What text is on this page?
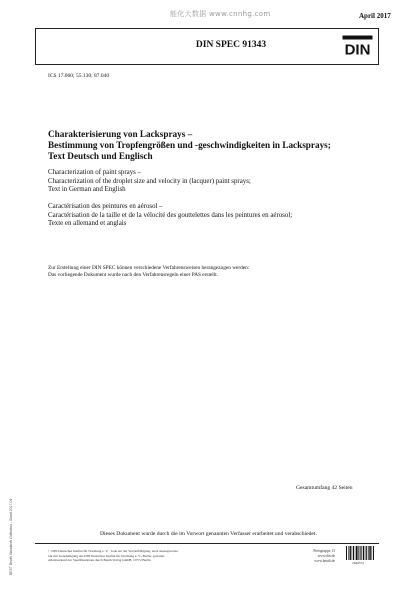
能化大数据 www.cnnhg.com	April 2017
DIN SPEC 91343	DIN
ICS 17.060; 55.130; 87.040
Charakterisierung von Lacksprays –
Bestimmung von Tropfengrößen und -geschwindigkeiten in Lacksprays;
Text Deutsch und Englisch
Characterization of paint sprays –
Characterization of the droplet size and velocity in (lacquer) paint sprays;
Text in German and English
Caractérisation des peintures en aérosol –
Caractérisation de la taille et de la vélocité des gouttelettes dans les peintures en aérosol;
Texte en allemand et anglais
Zur Erstellung einer DIN SPEC können verschiedene Verfahrensweisen herangezogen werden:
Das vorliegende Dokument wurde nach den Verfahrensregeln einer PAS erstellt.
Gesamtumfang 42 Seiten
Dieses Dokument wurde durch die im Vorwort genannten Verfasser erarbeitet und verabschiedet.
© DIN Deutsches Institut für Normung e. V. · Jede Art der Vervielfältigung, auch auszugsweise,
nur mit Genehmigung des DIN Deutsches Institut für Normung e. V., Berlin, gestattet.
Alleinverkauf der Spezifikationen durch Beuth Verlag GmbH, 10772 Berlin
Preisgruppe 13
www.din.de
www.beuth.de
2649374
BEST Beuth Standards Collection - Stand 2017-04
